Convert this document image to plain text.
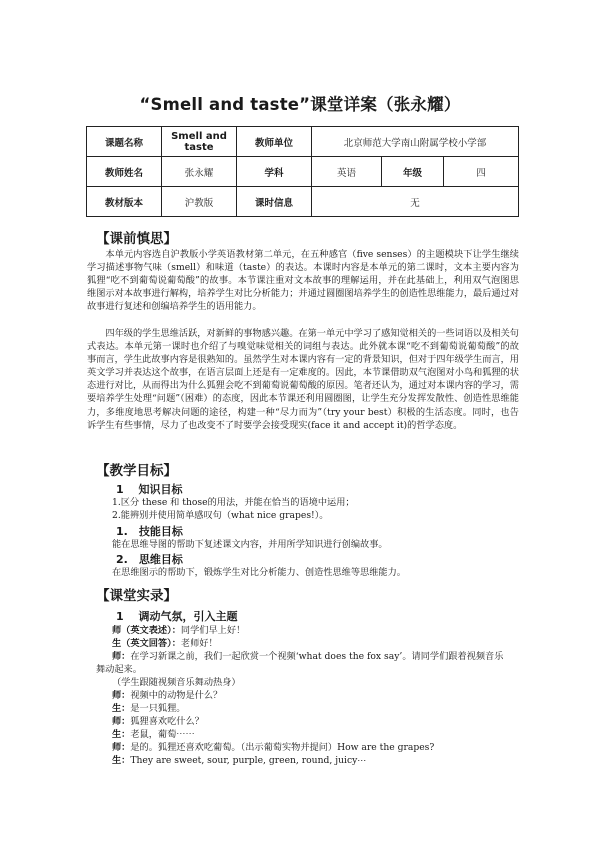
“Smell and taste”课堂详案（张永耀）
课题名称	Smell and taste	教师单位	北京师范大学南山附属学校小学部		
教师姓名	张永耀	学科	英语	年级	四
教材版本	沪教版	课时信息	无		
【课前慎思】

本单元内容选自沪教版小学英语教材第二单元，在五种感官（five senses）的主题模块下让学生继续学习描述事物气味（smell）和味道（taste）的表达。本课时内容是本单元的第二课时，文本主要内容为狐狸“吃不到葡萄说葡萄酸”的故事。本节课注重对文本故事的理解运用，并在此基础上，利用双气泡图思维图示对本故事进行解构，培养学生对比分析能力；并通过圆圈图培养学生的创造性思维能力，最后通过对故事进行复述和创编培养学生的语用能力。

四年级的学生思维活跃，对新鲜的事物感兴趣。在第一单元中学习了感知觉相关的一些词语以及相关句式表达。本单元第一课时也介绍了与嗅觉味觉相关的词组与表达。此外就本课“吃不到葡萄说葡萄酸”的故事而言，学生此故事内容是很熟知的。虽然学生对本课内容有一定的背景知识，但对于四年级学生而言，用英文学习并表达这个故事，在语言层面上还是有一定难度的。因此，本节课借助双气泡图对小鸟和狐狸的状态进行对比，从而得出为什么狐狸会吃不到葡萄说葡萄酸的原因。笔者还认为，通过对本课内容的学习，需要培养学生处理“问题”（困难）的态度，因此本节课还利用圆圈图，让学生充分发挥发散性、创造性思维能力，多维度地思考解决问题的途径，构建一种“尽力而为”（try your best）积极的生活态度。同时，也告诉学生有些事情，尽力了也改变不了时要学会接受现实(face it and accept it)的哲学态度。

【教学目标】
1　 知识目标
1.区分 these 和 those的用法，并能在恰当的语境中运用；
2.能辨别并使用简单感叹句（what nice grapes!）。
1.　技能目标
能在思维导图的帮助下复述课文内容，并用所学知识进行创编故事。
2.　思维目标
在思维图示的帮助下，锻炼学生对比分析能力、创造性思维等思维能力。
【课堂实录】
1　 调动气氛，引入主题
师（英文表述）：同学们早上好！
生（英文回答）：老师好！
师：在学习新课之前，我们一起欣赏一个视频‘what does the fox say’。请同学们跟着视频音乐舞动起来。
（学生跟随视频音乐舞动热身）
师：视频中的动物是什么？
生：是一只狐狸。
师：狐狸喜欢吃什么？
生：老鼠，葡萄⋯⋯
师：是的。狐狸还喜欢吃葡萄。（出示葡萄实物并提问）How are the grapes?
生：They are sweet, sour, purple, green, round, juicy⋯
